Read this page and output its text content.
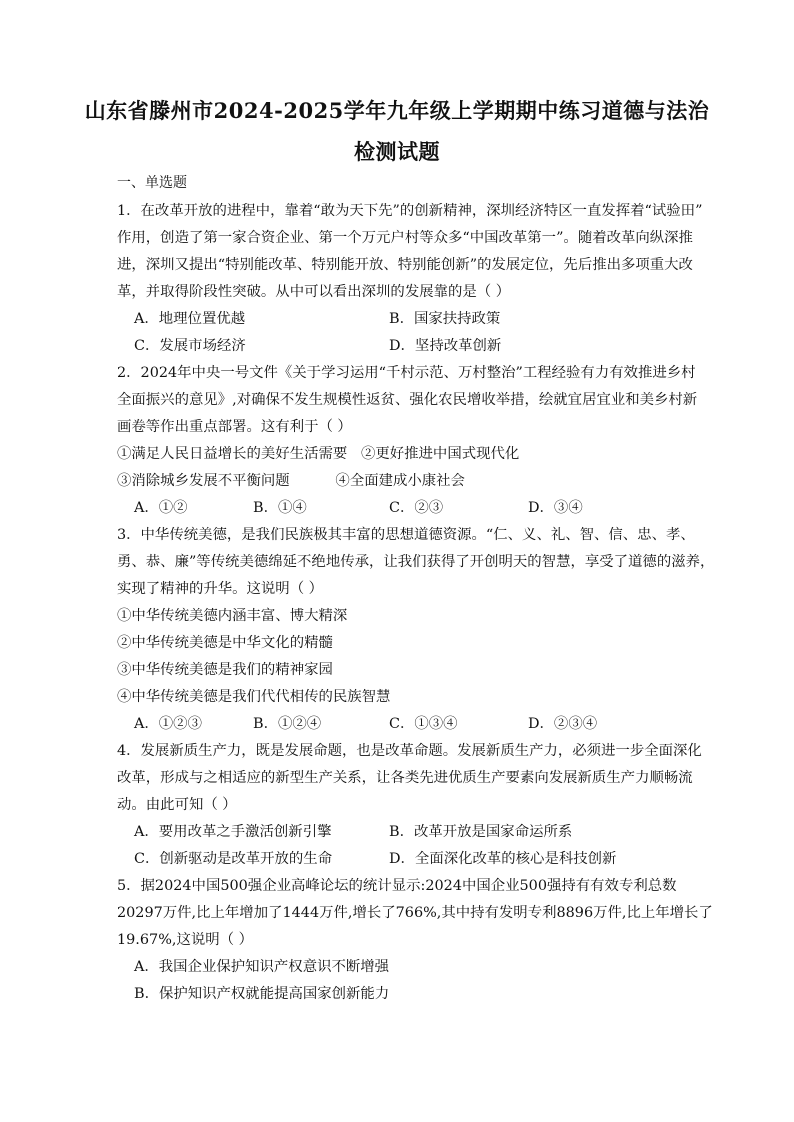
山东省滕州市2024-2025学年九年级上学期期中练习道德与法治
检测试题
一、单选题
1．在改革开放的进程中，靠着“敢为天下先”的创新精神，深圳经济特区一直发挥着“试验田”
作用，创造了第一家合资企业、第一个万元户村等众多“中国改革第一”。随着改革向纵深推
进，深圳又提出“特别能改革、特别能开放、特别能创新”的发展定位，先后推出多项重大改
革，并取得阶段性突破。从中可以看出深圳的发展靠的是（ ）
A．地理位置优越	B．国家扶持政策
C．发展市场经济	D．坚持改革创新
2．2024年中央一号文件《关于学习运用“千村示范、万村整治”工程经验有力有效推进乡村
全面振兴的意见》,对确保不发生规模性返贫、强化农民增收举措，绘就宜居宜业和美乡村新
画卷等作出重点部署。这有利于（ ）
①满足人民日益增长的美好生活需要   ②更好推进中国式现代化
③消除城乡发展不平衡问题          ④全面建成小康社会
A．①②	B．①④	C．②③	D．③④
3．中华传统美德，是我们民族极其丰富的思想道德资源。“仁、义、礼、智、信、忠、孝、
勇、恭、廉”等传统美德绵延不绝地传承，让我们获得了开创明天的智慧，享受了道德的滋养，
实现了精神的升华。这说明（ ）
①中华传统美德内涵丰富、博大精深
②中华传统美德是中华文化的精髓
③中华传统美德是我们的精神家园
④中华传统美德是我们代代相传的民族智慧
A．①②③	B．①②④	C．①③④	D．②③④
4．发展新质生产力，既是发展命题，也是改革命题。发展新质生产力，必须进一步全面深化
改革，形成与之相适应的新型生产关系，让各类先进优质生产要素向发展新质生产力顺畅流
动。由此可知（ ）
A．要用改革之手激活创新引擎	B．改革开放是国家命运所系
C．创新驱动是改革开放的生命	D．全面深化改革的核心是科技创新
5．据2024中国500强企业高峰论坛的统计显示:2024中国企业500强持有有效专利总数
20297万件,比上年增加了1444万件,增长了766%,其中持有发明专利8896万件,比上年增长了
19.67%,这说明（ ）
A．我国企业保护知识产权意识不断增强
B．保护知识产权就能提高国家创新能力
